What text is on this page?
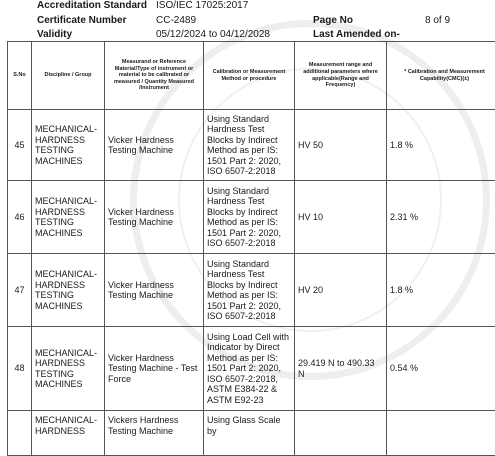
Accreditation Standard ISO/IEC 17025:2017
Certificate Number	CC-2489	Page No	8 of 9
Validity	05/12/2024 to 04/12/2028	Last Amended on-
S.No	Discipline / Group	Measurand or Reference Material/Type of instrument or material to be calibrated or measured / Quantity Measured /Instrument	Calibration or Measurement Method or procedure	Measurement range and additional parameters where applicable(Range and Frequency)	* Calibration and Measurement Capability(CMC)(±)
45	MECHANICAL- HARDNESS TESTING MACHINES	Vicker Hardness Testing Machine	Using Standard Hardness Test Blocks by Indirect Method as per IS: 1501 Part 2: 2020, ISO 6507-2:2018	HV 50	1.8 %
46	MECHANICAL- HARDNESS TESTING MACHINES	Vicker Hardness Testing Machine	Using Standard Hardness Test Blocks by Indirect Method as per IS: 1501 Part 2: 2020, ISO 6507-2:2018	HV 10	2.31 %
47	MECHANICAL- HARDNESS TESTING MACHINES	Vicker Hardness Testing Machine	Using Standard Hardness Test Blocks by Indirect Method as per IS: 1501 Part 2: 2020, ISO 6507-2:2018	HV 20	1.8 %
48	MECHANICAL- HARDNESS TESTING MACHINES	Vicker Hardness Testing Machine - Test Force	Using Load Cell with Indicator by Direct Method as per IS: 1501 Part 2: 2020, ISO 6507-2:2018, ASTM E384-22 & ASTM E92-23	29.419 N to 490.33 N	0.54 %
	MECHANICAL- HARDNESS	Vickers Hardness Testing Machine	Using Glass Scale by		
